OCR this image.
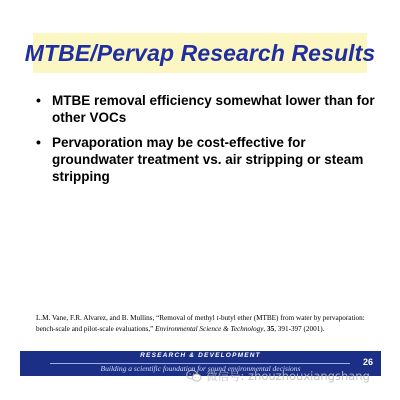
MTBE/Pervap Research Results
• MTBE removal efficiency somewhat lower than for other VOCs
• Pervaporation may be cost-effective for groundwater treatment vs. air stripping or steam stripping
L.M. Vane, F.R. Alvarez, and B. Mullins, “Removal of methyl t-butyl ether (MTBE) from water by pervaporation: bench-scale and pilot-scale evaluations,” Environmental Science & Technology, 35, 391-397 (2001).
RESEARCH & DEVELOPMENT
Building a scientific foundation for sound environmental decisions
26
微信号: zhouzhouxiangshang
